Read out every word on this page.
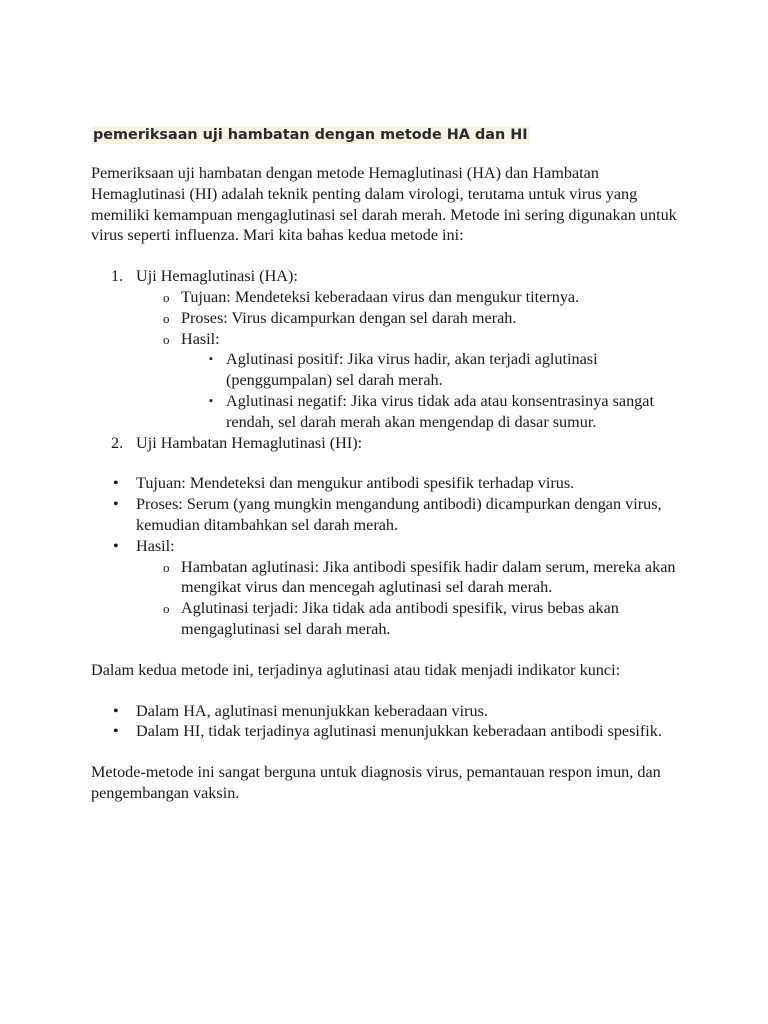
pemeriksaan uji hambatan dengan metode HA dan HI

Pemeriksaan uji hambatan dengan metode Hemaglutinasi (HA) dan Hambatan Hemaglutinasi (HI) adalah teknik penting dalam virologi, terutama untuk virus yang memiliki kemampuan mengaglutinasi sel darah merah. Metode ini sering digunakan untuk virus seperti influenza. Mari kita bahas kedua metode ini:

1. Uji Hemaglutinasi (HA):
o Tujuan: Mendeteksi keberadaan virus dan mengukur titernya.
o Proses: Virus dicampurkan dengan sel darah merah.
o Hasil:
▪ Aglutinasi positif: Jika virus hadir, akan terjadi aglutinasi (penggumpalan) sel darah merah.
▪ Aglutinasi negatif: Jika virus tidak ada atau konsentrasinya sangat rendah, sel darah merah akan mengendap di dasar sumur.
2. Uji Hambatan Hemaglutinasi (HI):
• Tujuan: Mendeteksi dan mengukur antibodi spesifik terhadap virus.
• Proses: Serum (yang mungkin mengandung antibodi) dicampurkan dengan virus, kemudian ditambahkan sel darah merah.
• Hasil:
o Hambatan aglutinasi: Jika antibodi spesifik hadir dalam serum, mereka akan mengikat virus dan mencegah aglutinasi sel darah merah.
o Aglutinasi terjadi: Jika tidak ada antibodi spesifik, virus bebas akan mengaglutinasi sel darah merah.

Dalam kedua metode ini, terjadinya aglutinasi atau tidak menjadi indikator kunci:

• Dalam HA, aglutinasi menunjukkan keberadaan virus.
• Dalam HI, tidak terjadinya aglutinasi menunjukkan keberadaan antibodi spesifik.

Metode-metode ini sangat berguna untuk diagnosis virus, pemantauan respon imun, dan pengembangan vaksin.
